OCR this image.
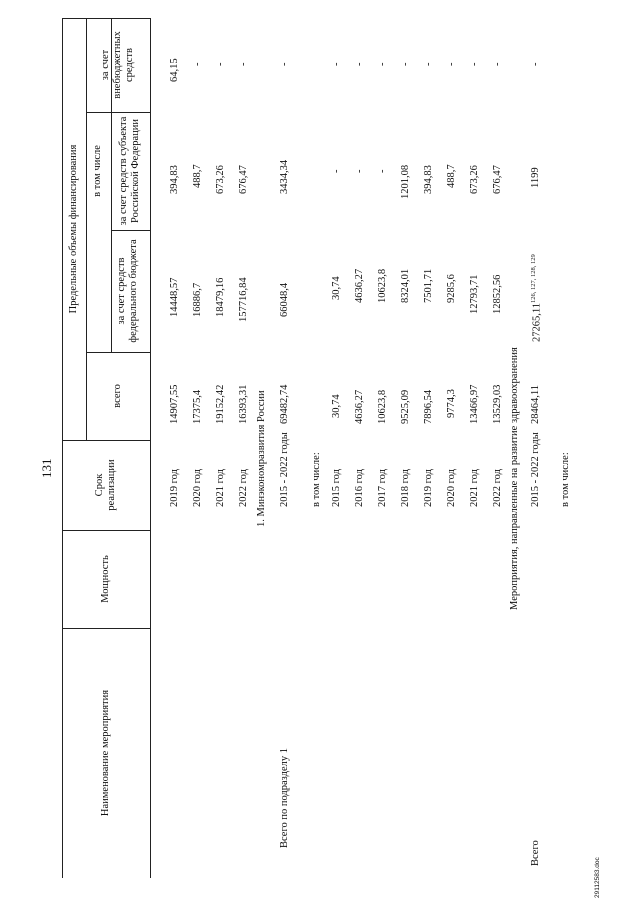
131
Наименование мероприятия
Мощность
Срок реализации
Предельные объемы финансирования
всего
в том числе
за счет средств федерального бюджета
за счет средств субъекта Российской Федерации
за счет внебюджетных средств
2019 год
14907,55
14448,57
394,83
64,15
2020 год
17375,4
16886,7
488,7
-
2021 год
19152,42
18479,16
673,26
-
2022 год
16393,31
157716,84
676,47
-
1. Минэкономразвития России
Всего по подразделу 1
2015 - 2022 годы
69482,74
66048,4
3434,34
-
в том числе: 2015 год
30,74
30,74
-
-
2016 год
4636,27
4636,27
-
-
2017 год
10623,8
10623,8
-
-
2018 год
9525,09
8324,01
1201,08
-
2019 год
7896,54
7501,71
394,83
-
2020 год
9774,3
9285,6
488,7
-
2021 год
13466,97
12793,71
673,26
-
2022 год
13529,03
12852,56
676,47
-
Мероприятия, направленные на развитие здравоохранения
Всего
2015 - 2022 годы
28464,11
27265,11$^{126, 127, 128, 129}$
1199
-
в том числе:
29112583.doc
